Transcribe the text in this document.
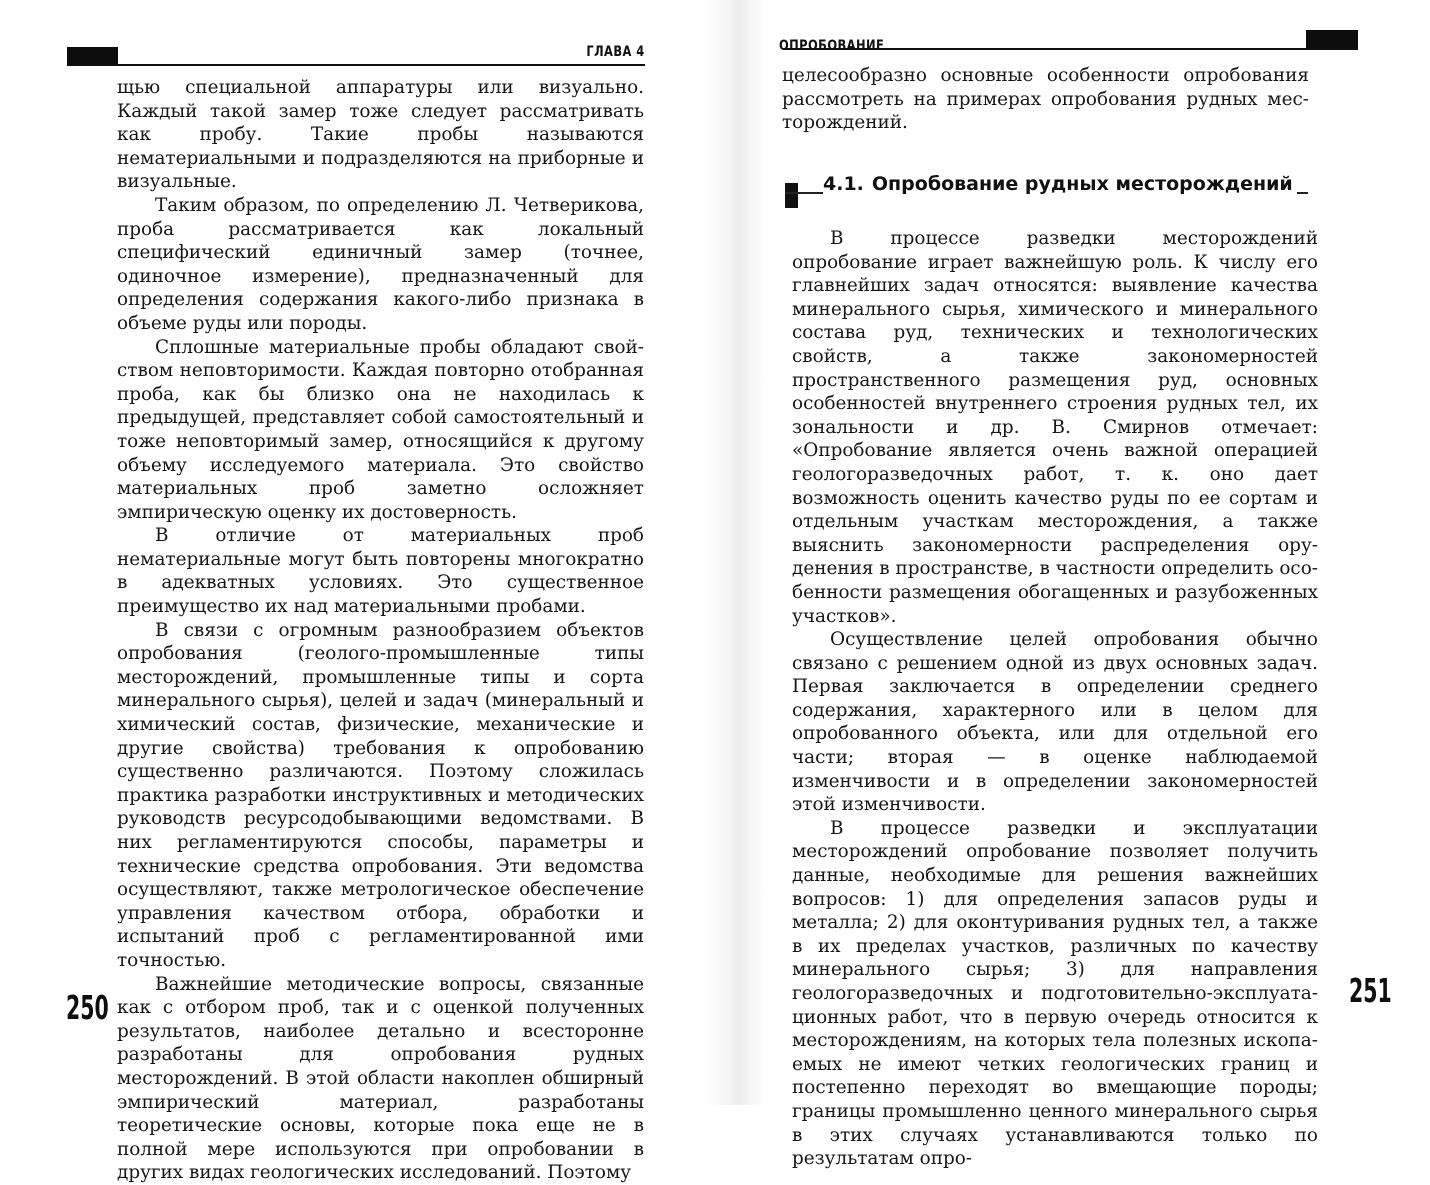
ГЛАВА 4

щью специальной аппаратуры или визуально. Каждый такой замер тоже следует рассматривать как пробу. Такие пробы называются нематериальными и подразделяются на приборные и визуальные.

Таким образом, по определению Л. Четверикова, проба рассматривается как локальный специфический единичный замер (точнее, одиночное измерение), предназначенный для определения содержания какого-либо признака в объеме руды или породы.

Сплошные материальные пробы обладают свойством неповторимости. Каждая повторно отобранная проба, как бы близко она не находилась к предыдущей, представляет собой самостоятельный и тоже неповторимый замер, относящийся к другому объему исследуемого материала. Это свойство материальных проб заметно осложняет эмпирическую оценку их достоверность.

В отличие от материальных проб нематериальные могут быть повторены многократно в адекватных условиях. Это существенное преимущество их над материальными пробами.

В связи с огромным разнообразием объектов опробования (геолого-промышленные типы месторождений, промышленные типы и сорта минерального сырья), целей и задач (минеральный и химический состав, физические, механические и другие свойства) требования к опробованию существенно различаются. Поэтому сложилась практика разработки инструктивных и методических руководств ресурсодобывающими ведомствами. В них регламентируются способы, параметры и технические средства опробования. Эти ведомства осуществляют, также метрологическое обеспечение управления качеством отбора, обработки и испытаний проб с регламентированной ими точностью.

Важнейшие методические вопросы, связанные как с отбором проб, так и с оценкой полученных результатов, наиболее детально и всесторонне разработаны для опробования рудных месторождений. В этой области накоплен обширный эмпирический материал, разработаны теоретические основы, которые пока еще не в полной мере используются при опробовании в других видах геологических исследований. Поэтому

250
ОПРОБОВАНИЕ

целесообразно основные особенности опробования рассмотреть на примерах опробования рудных месторождений.

4.1. Опробование рудных месторождений

В процессе разведки месторождений опробование играет важнейшую роль. К числу его главнейших задач относятся: выявление качества минерального сырья, химического и минерального состава руд, технических и технологических свойств, а также закономерностей пространственного размещения руд, основных особенностей внутреннего строения рудных тел, их зональности и др. В. Смирнов отмечает: «Опробование является очень важной операцией геологоразведочных работ, т. к. оно дает возможность оценить качество руды по ее сортам и отдельным участкам месторождения, а также выяснить закономерности распределения оруденения в пространстве, в частности определить особенности размещения обогащенных и разубоженных участков».

Осуществление целей опробования обычно связано с решением одной из двух основных задач. Первая заключается в определении среднего содержания, характерного или в целом для опробованного объекта, или для отдельной его части; вторая — в оценке наблюдаемой изменчивости и в определении закономерностей этой изменчивости.

В процессе разведки и эксплуатации месторождений опробование позволяет получить данные, необходимые для решения важнейших вопросов: 1) для определения запасов руды и металла; 2) для оконтуривания рудных тел, а также в их пределах участков, различных по качеству минерального сырья; 3) для направления геологоразведочных и подготовительно-эксплуатационных работ, что в первую очередь относится к месторождениям, на которых тела полезных ископаемых не имеют четких геологических границ и постепенно переходят во вмещающие породы; границы промышленно ценного минерального сырья в этих случаях устанавливаются только по результатам опро-

251
